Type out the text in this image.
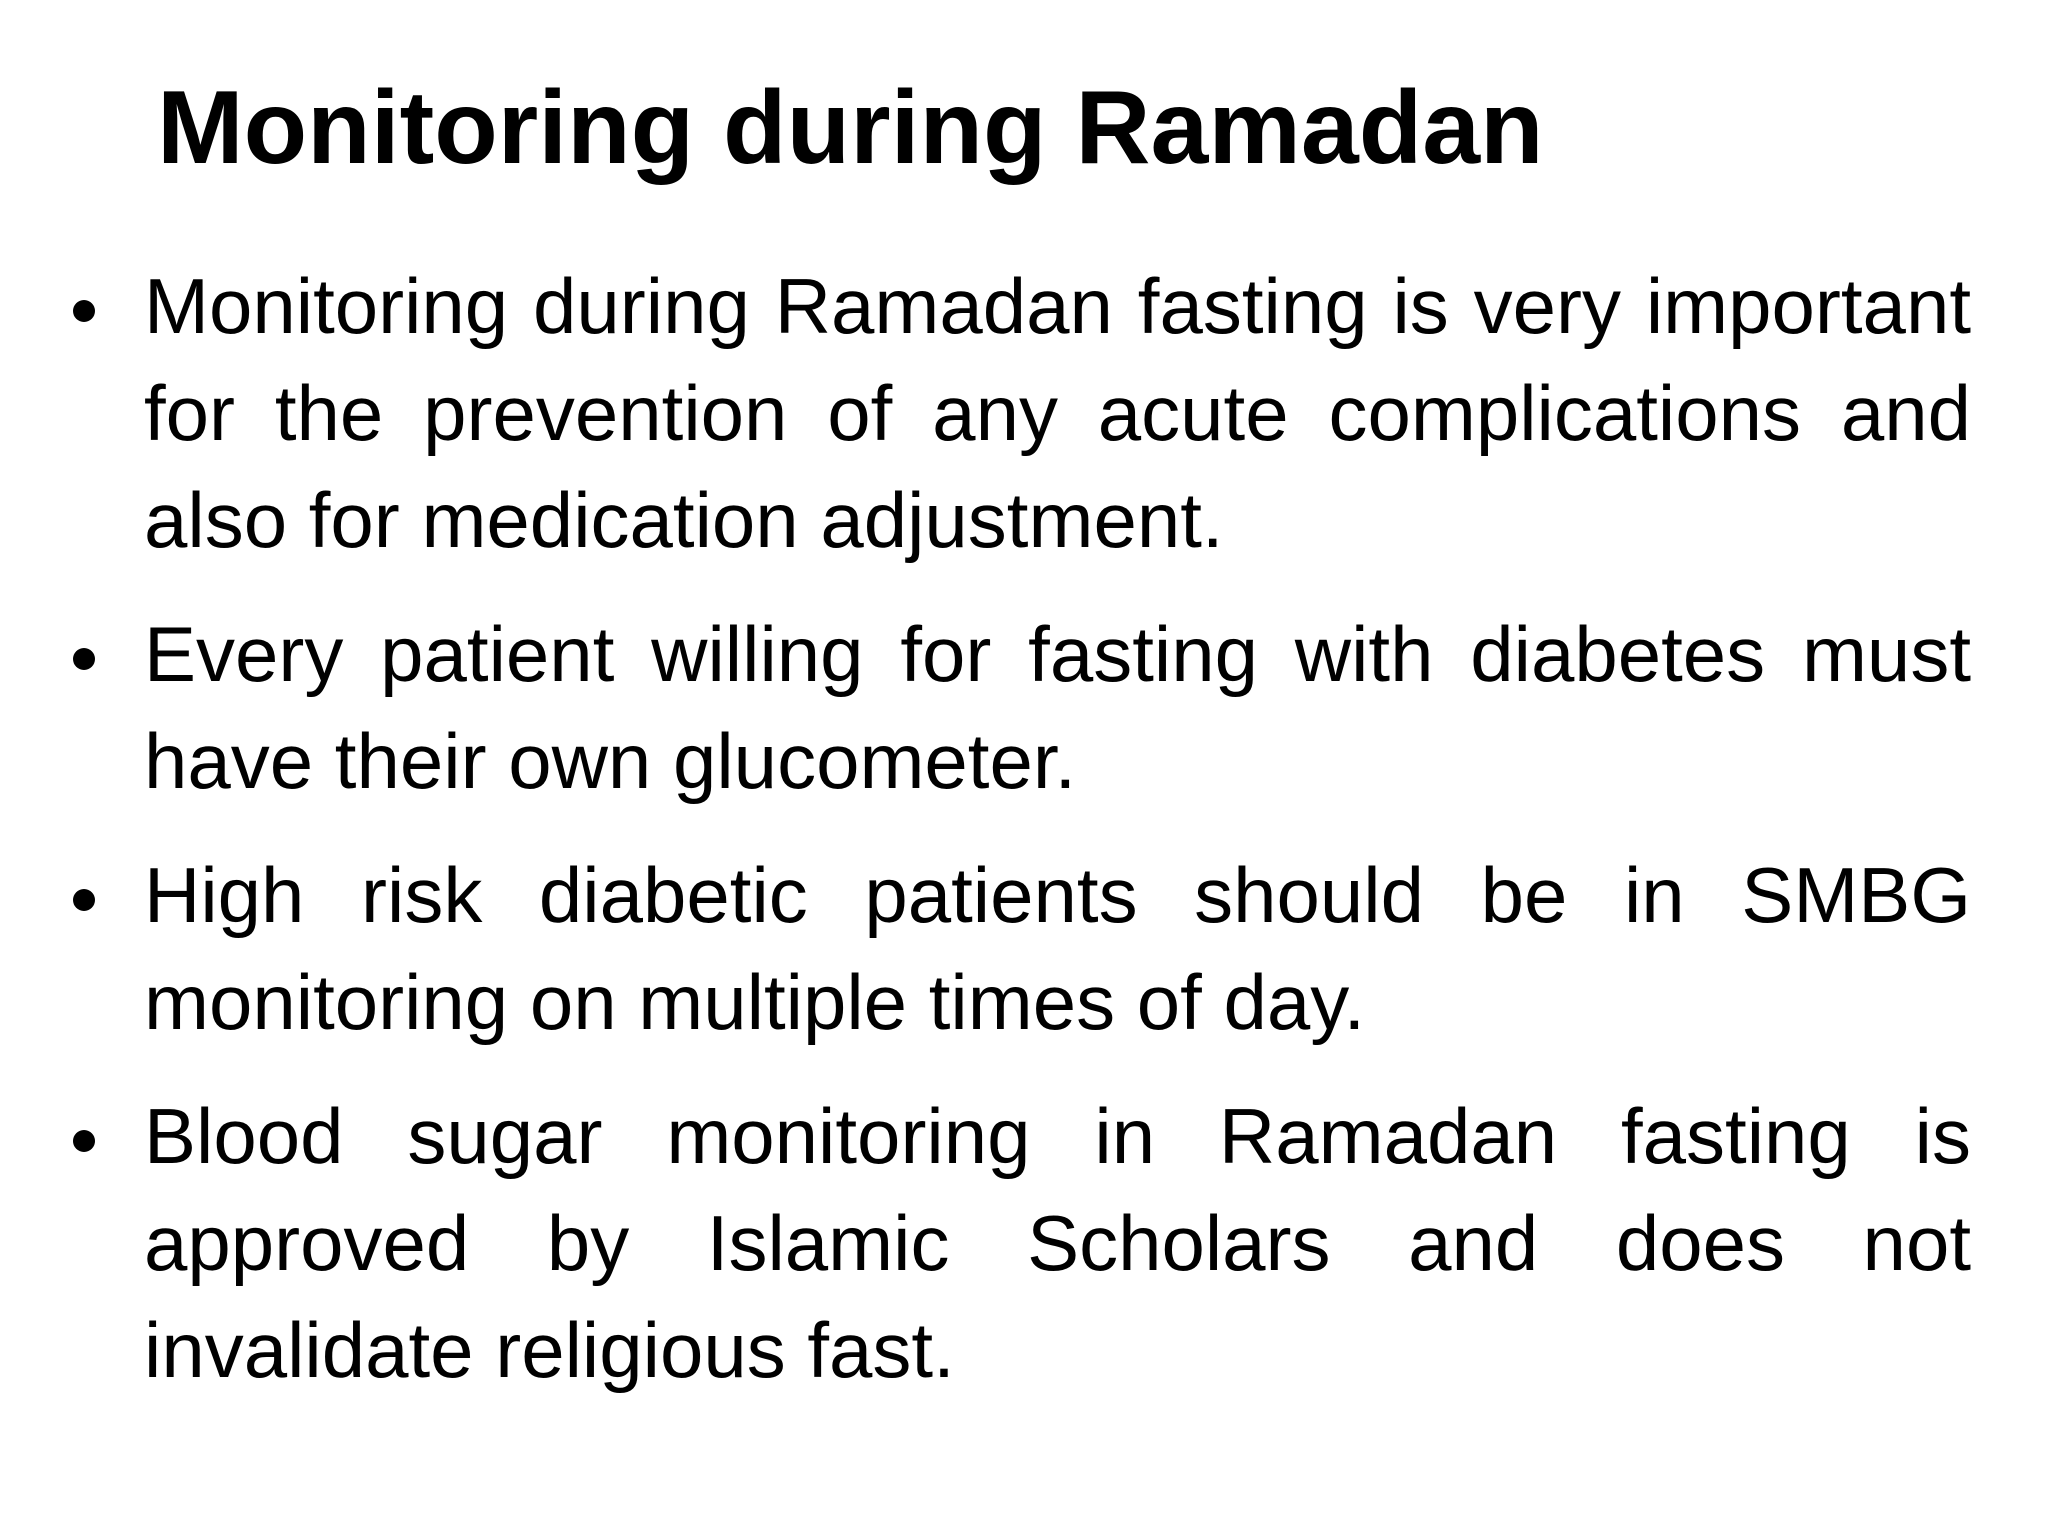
Monitoring during Ramadan
Monitoring during Ramadan fasting is very important for the prevention of any acute complications and also for medication adjustment.
Every patient willing for fasting with diabetes must have their own glucometer.
High risk diabetic patients should be in SMBG monitoring on multiple times of day.
Blood sugar monitoring in Ramadan fasting is approved by Islamic Scholars and does not invalidate religious fast.
